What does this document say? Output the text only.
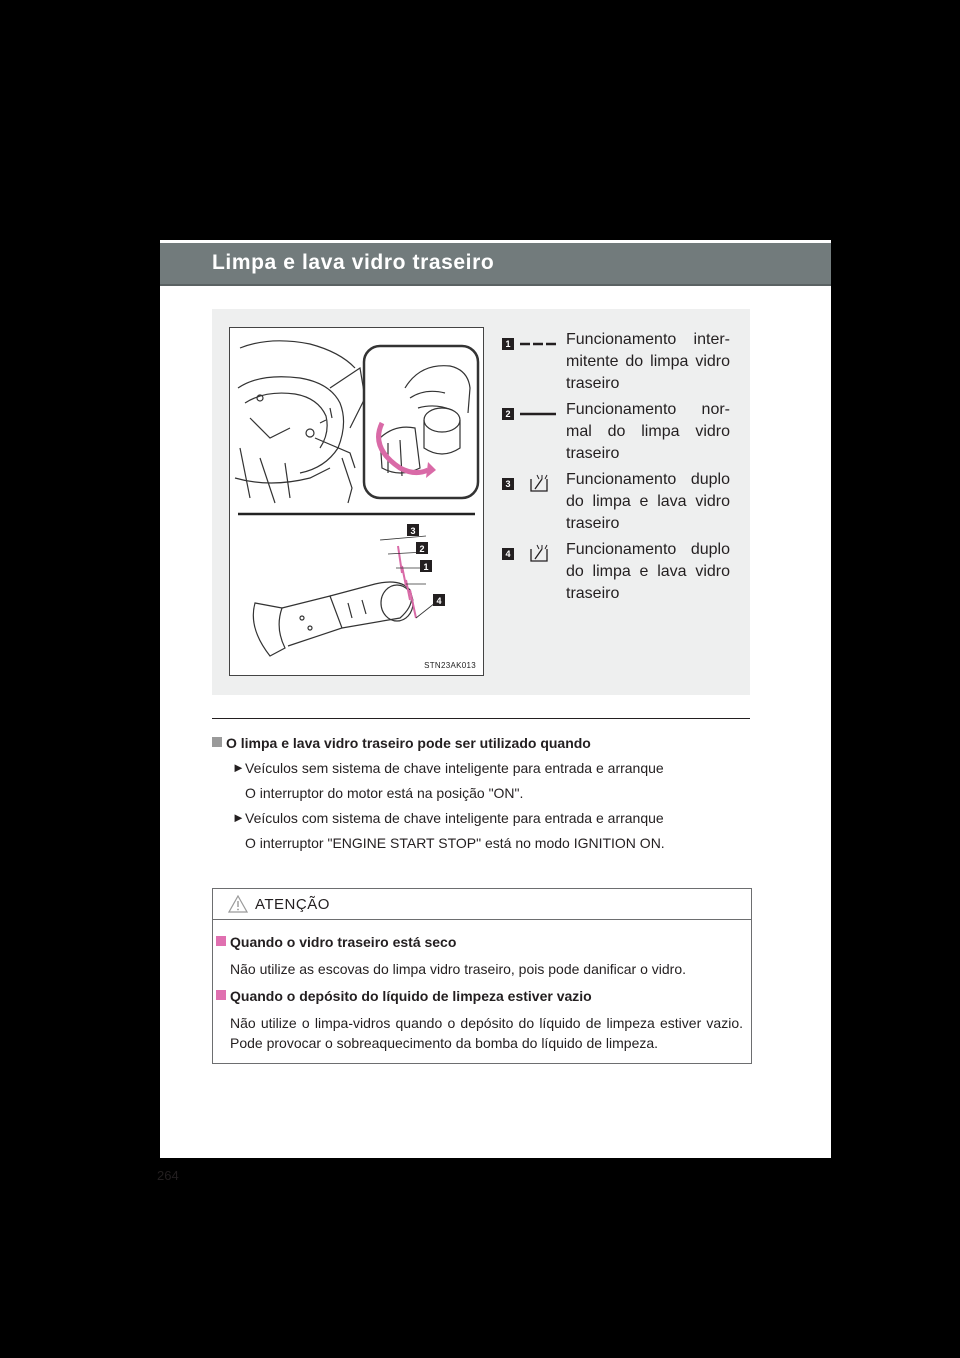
Limpa e lava vidro traseiro
3
2
1
4
STN23AK013
1	Funcionamento inter-mitente do limpa vidro traseiro
2	Funcionamento nor-mal do limpa vidro traseiro
3	Funcionamento duplo do limpa e lava vidro traseiro
4	Funcionamento duplo do limpa e lava vidro traseiro
O limpa e lava vidro traseiro pode ser utilizado quando
► Veículos sem sistema de chave inteligente para entrada e arranque
O interruptor do motor está na posição "ON".
► Veículos com sistema de chave inteligente para entrada e arranque
O interruptor "ENGINE START STOP" está no modo IGNITION ON.
ATENÇÃO
Quando o vidro traseiro está seco
Não utilize as escovas do limpa vidro traseiro, pois pode danificar o vidro.
Quando o depósito do líquido de limpeza estiver vazio
Não utilize o limpa-vidros quando o depósito do líquido de limpeza estiver vazio. Pode provocar o sobreaquecimento da bomba do líquido de limpeza.
264
